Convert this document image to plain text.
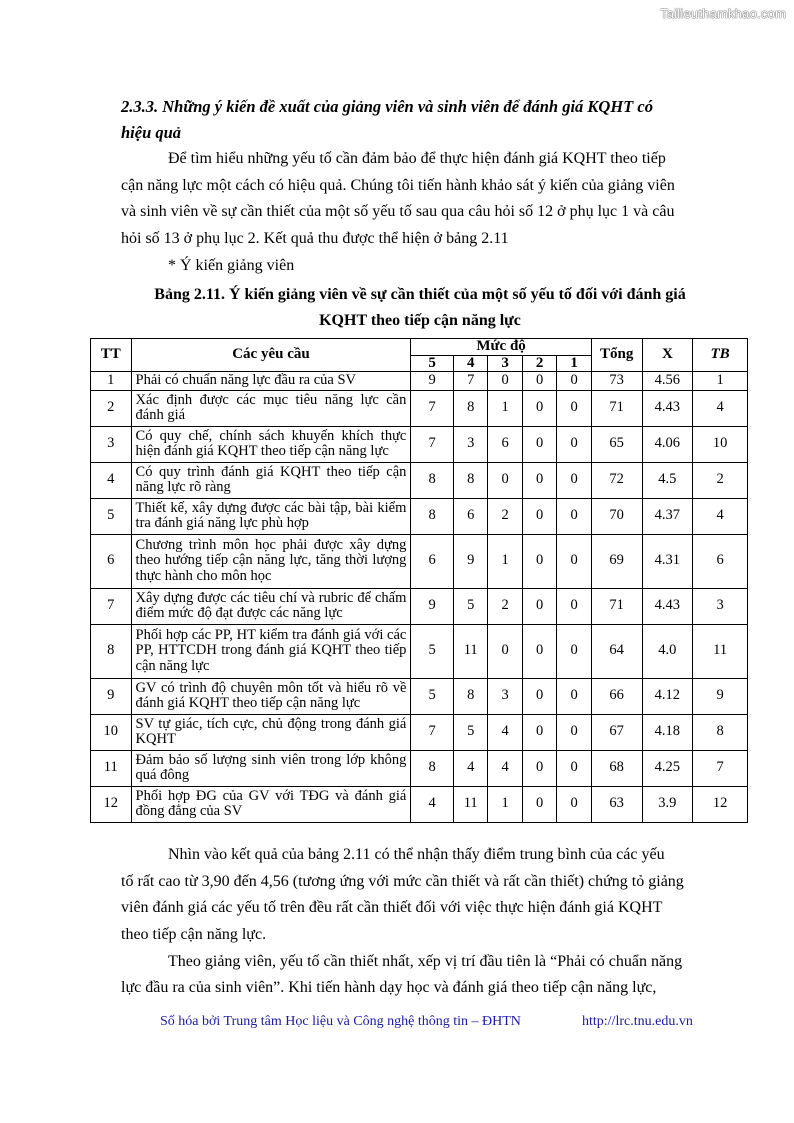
Tailieuthamkhao.com
2.3.3. Những ý kiến đề xuất của giảng viên và sinh viên để đánh giá KQHT có
hiệu quả
Để tìm hiểu những yếu tố cần đảm bảo để thực hiện đánh giá KQHT theo tiếp
cận năng lực một cách có hiệu quả. Chúng tôi tiến hành khảo sát ý kiến của giảng viên
và sinh viên về sự cần thiết của một số yếu tố sau qua câu hỏi số 12 ở phụ lục 1 và câu
hỏi số 13 ở phụ lục 2. Kết quả thu được thể hiện ở bảng 2.11
* Ý kiến giảng viên
Bảng 2.11. Ý kiến giảng viên về sự cần thiết của một số yếu tố đối với đánh giá
KQHT theo tiếp cận năng lực
TT	Các yêu cầu	Mức độ					Tổng	X	TB
		5	4	3	2	1			
1	Phải có chuẩn năng lực đầu ra của SV	9	7	0	0	0	73	4.56	1
2	Xác định được các mục tiêu năng lực cần đánh giá	7	8	1	0	0	71	4.43	4
3	Có quy chế, chính sách khuyến khích thực hiện đánh giá KQHT theo tiếp cận năng lực	7	3	6	0	0	65	4.06	10
4	Có quy trình đánh giá KQHT theo tiếp cận năng lực rõ ràng	8	8	0	0	0	72	4.5	2
5	Thiết kế, xây dựng được các bài tập, bài kiểm tra đánh giá năng lực phù hợp	8	6	2	0	0	70	4.37	4
6	Chương trình môn học phải được xây dựng theo hướng tiếp cận năng lực, tăng thời lượng thực hành cho môn học	6	9	1	0	0	69	4.31	6
7	Xây dựng được các tiêu chí và rubric để chấm điểm mức độ đạt được các năng lực	9	5	2	0	0	71	4.43	3
8	Phối hợp các PP, HT kiểm tra đánh giá với các PP, HTTCDH trong đánh giá KQHT theo tiếp cận năng lực	5	11	0	0	0	64	4.0	11
9	GV có trình độ chuyên môn tốt và hiểu rõ về đánh giá KQHT theo tiếp cận năng lực	5	8	3	0	0	66	4.12	9
10	SV tự giác, tích cực, chủ động trong đánh giá KQHT	7	5	4	0	0	67	4.18	8
11	Đảm bảo số lượng sinh viên trong lớp không quá đông	8	4	4	0	0	68	4.25	7
12	Phối hợp ĐG của GV với TĐG và đánh giá đồng đẳng của SV	4	11	1	0	0	63	3.9	12
Nhìn vào kết quả của bảng 2.11 có thể nhận thấy điểm trung bình của các yếu
tố rất cao từ 3,90 đến 4,56 (tương ứng với mức cần thiết và rất cần thiết) chứng tỏ giảng
viên đánh giá các yếu tố trên đều rất cần thiết đối với việc thực hiện đánh giá KQHT
theo tiếp cận năng lực.
Theo giảng viên, yếu tố cần thiết nhất, xếp vị trí đầu tiên là “Phải có chuẩn năng
lực đầu ra của sinh viên”. Khi tiến hành dạy học và đánh giá theo tiếp cận năng lực,
Số hóa bởi Trung tâm Học liệu và Công nghệ thông tin – ĐHTN	http://lrc.tnu.edu.vn
